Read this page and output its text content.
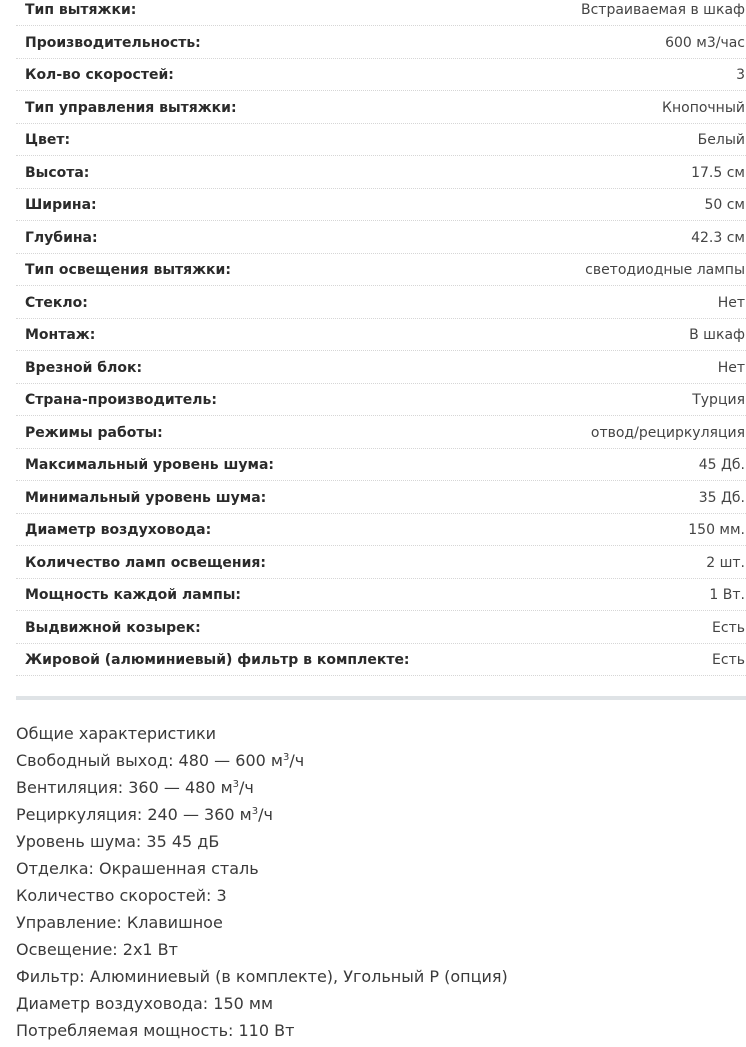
Тип вытяжки:	Встраиваемая в шкаф
Производительность:	600 м3/час
Кол-во скоростей:	3
Тип управления вытяжки:	Кнопочный
Цвет:	Белый
Высота:	17.5 см
Ширина:	50 см
Глубина:	42.3 см
Тип освещения вытяжки:	светодиодные лампы
Стекло:	Нет
Монтаж:	В шкаф
Врезной блок:	Нет
Страна-производитель:	Турция
Режимы работы:	отвод/рециркуляция
Максимальный уровень шума:	45 Дб.
Минимальный уровень шума:	35 Дб.
Диаметр воздуховода:	150 мм.
Количество ламп освещения:	2 шт.
Мощность каждой лампы:	1 Вт.
Выдвижной козырек:	Есть
Жировой (алюминиевый) фильтр в комплекте:	Есть
Общие характеристики
Свободный выход: 480 — 600 $м^3/ч$
Вентиляция: 360 — 480 $м^3/ч$
Рециркуляция: 240 — 360 $м^3/ч$
Уровень шума: 35 45 дБ
Отделка: Окрашенная сталь
Количество скоростей: 3
Управление: Клавишное
Освещение: 2x1 Вт
Фильтр: Алюминиевый (в комплекте), Угольный Р (опция)
Диаметр воздуховода: 150 мм
Потребляемая мощность: 110 Вт
